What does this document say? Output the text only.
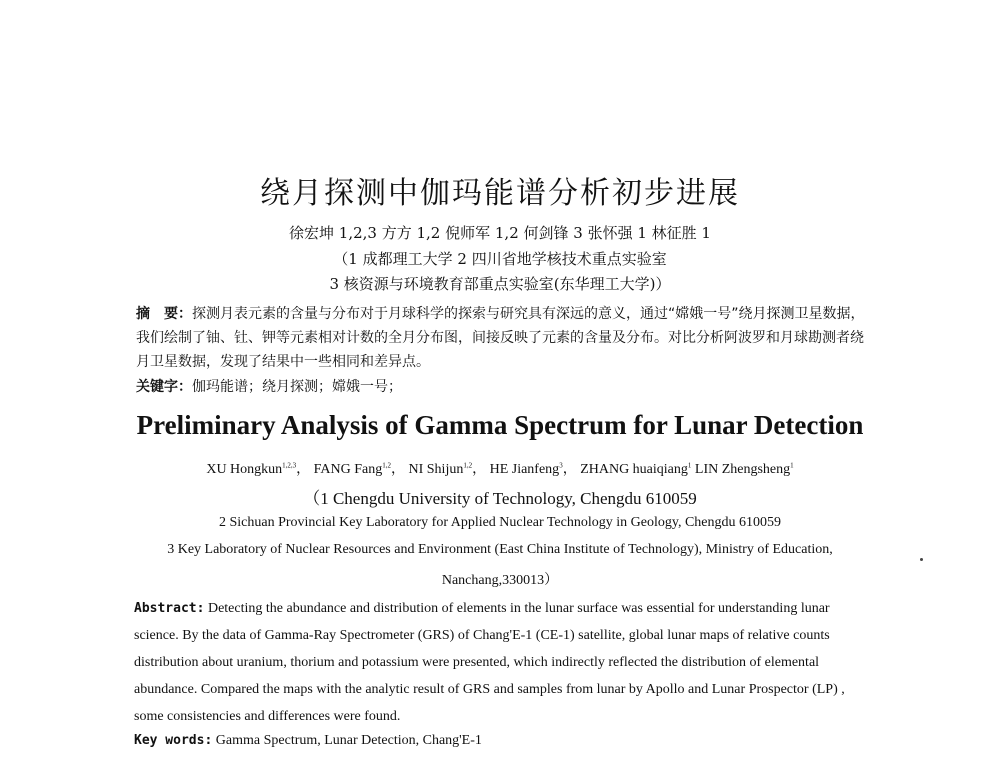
绕月探测中伽玛能谱分析初步进展
徐宏坤 1,2,3 方方 1,2 倪师军 1,2 何剑锋 3 张怀强 1 林征胜 1
（1 成都理工大学 2 四川省地学核技术重点实验室
3 核资源与环境教育部重点实验室(东华理工大学)）
摘　要：探测月表元素的含量与分布对于月球科学的探索与研究具有深远的意义，通过“嫦娥一号”绕月探测卫星数据，我们绘制了铀、钍、钾等元素相对计数的全月分布图，间接反映了元素的含量及分布。对比分析阿波罗和月球勘测者绕月卫星数据，发现了结果中一些相同和差异点。
关键字：伽玛能谱；绕月探测；嫦娥一号；
Preliminary Analysis of Gamma Spectrum for Lunar Detection
XU Hongkun$^{1,2,3}$， FANG Fang$^{1,2}$， NI Shijun$^{1,2}$， HE Jianfeng$^3$， ZHANG huaiqiang$^1$ LIN Zhengsheng$^1$
（1 Chengdu University of Technology, Chengdu 610059
2 Sichuan Provincial Key Laboratory for Applied Nuclear Technology in Geology, Chengdu 610059
3 Key Laboratory of Nuclear Resources and Environment (East China Institute of Technology), Ministry of Education,
Nanchang,330013）
Abstract: Detecting the abundance and distribution of elements in the lunar surface was essential for understanding lunar science. By the data of Gamma-Ray Spectrometer (GRS) of Chang'E-1 (CE-1) satellite, global lunar maps of relative counts distribution about uranium, thorium and potassium were presented, which indirectly reflected the distribution of elemental abundance. Compared the maps with the analytic result of GRS and samples from lunar by Apollo and Lunar Prospector (LP) , some consistencies and differences were found.
Key words: Gamma Spectrum, Lunar Detection, Chang'E-1
